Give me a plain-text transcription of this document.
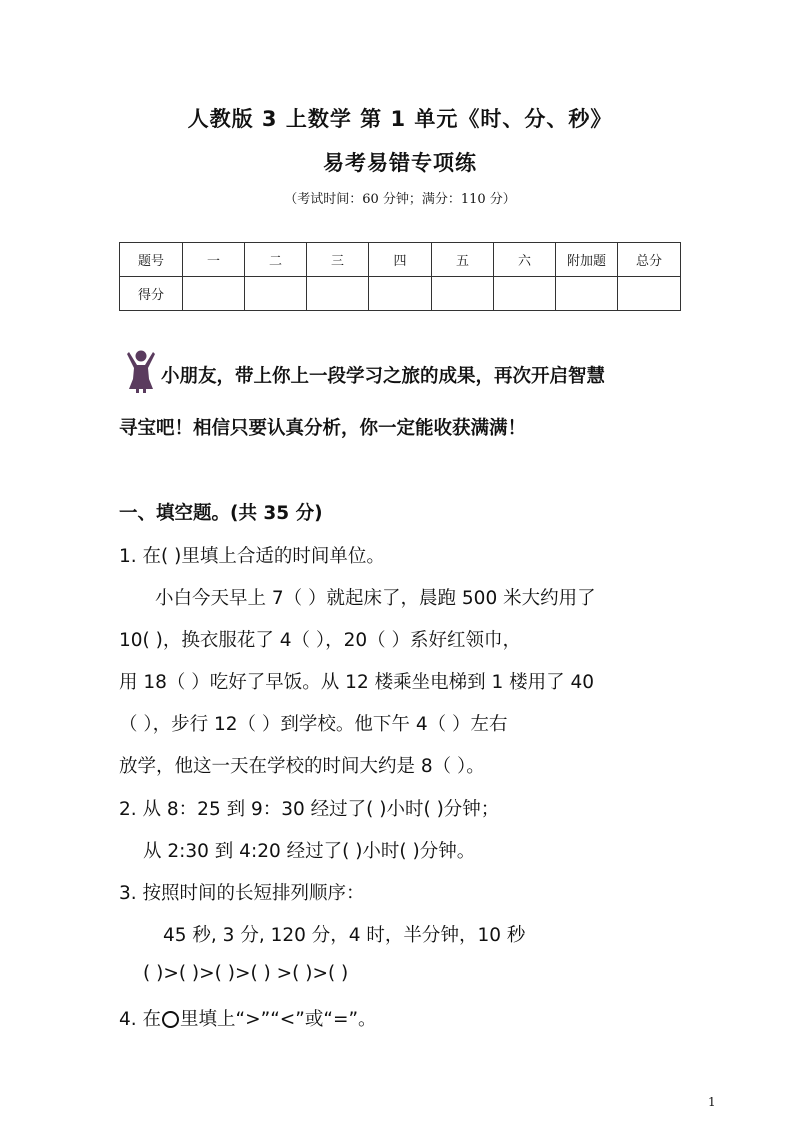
人教版 3 上数学 第 1 单元《时、分、秒》
易考易错专项练
（考试时间：60 分钟；满分：110 分）
题号	一	二	三	四	五	六	附加题	总分
得分								
小朋友，带上你上一段学习之旅的成果，再次开启智慧
寻宝吧！相信只要认真分析，你一定能收获满满！
一、填空题。(共 35 分)
1. 在( )里填上合适的时间单位。
小白今天早上 7（ ）就起床了，晨跑 500 米大约用了
10( )，换衣服花了 4（ ），20（ ）系好红领巾，
用 18（ ）吃好了早饭。从 12 楼乘坐电梯到 1 楼用了 40
（ ），步行 12（ ）到学校。他下午 4（ ）左右
放学，他这一天在学校的时间大约是 8（ ）。
2. 从 8：25 到 9：30 经过了( )小时( )分钟；
从 2:30 到 4:20 经过了( )小时( )分钟。
3. 按照时间的长短排列顺序：
45 秒, 3 分, 120 分，4 时，半分钟，10 秒
( )>( )>( )>( ) >( )>( )
4. 在 里填上“>”“<”或“=”。
1
